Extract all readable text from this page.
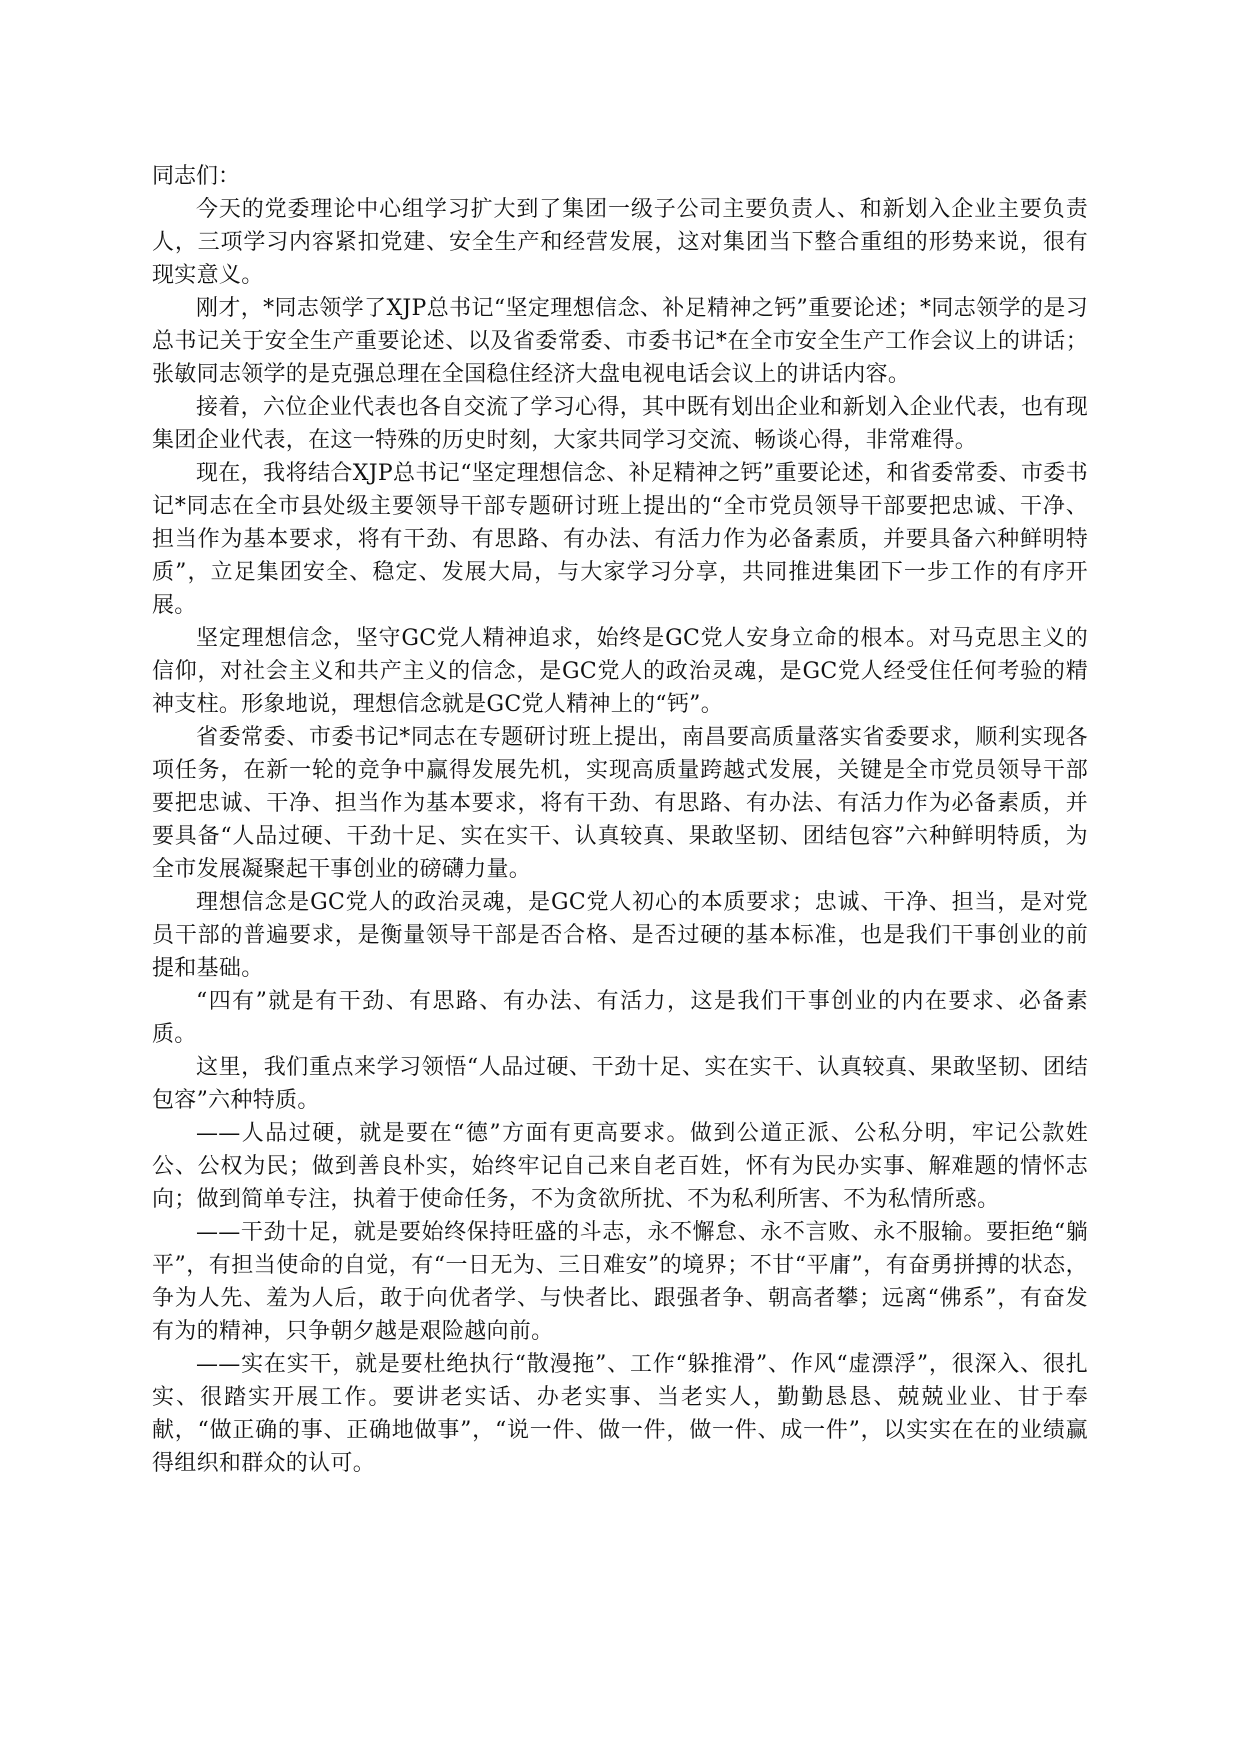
同志们：

今天的党委理论中心组学习扩大到了集团一级子公司主要负责人、和新划入企业主要负责人，三项学习内容紧扣党建、安全生产和经营发展，这对集团当下整合重组的形势来说，很有现实意义。

刚才，*同志领学了XJP总书记“坚定理想信念、补足精神之钙”重要论述；*同志领学的是习总书记关于安全生产重要论述、以及省委常委、市委书记*在全市安全生产工作会议上的讲话；张敏同志领学的是克强总理在全国稳住经济大盘电视电话会议上的讲话内容。

接着，六位企业代表也各自交流了学习心得，其中既有划出企业和新划入企业代表，也有现集团企业代表，在这一特殊的历史时刻，大家共同学习交流、畅谈心得，非常难得。

现在，我将结合XJP总书记“坚定理想信念、补足精神之钙”重要论述，和省委常委、市委书记*同志在全市县处级主要领导干部专题研讨班上提出的“全市党员领导干部要把忠诚、干净、担当作为基本要求，将有干劲、有思路、有办法、有活力作为必备素质，并要具备六种鲜明特质”，立足集团安全、稳定、发展大局，与大家学习分享，共同推进集团下一步工作的有序开展。

坚定理想信念，坚守GC党人精神追求，始终是GC党人安身立命的根本。对马克思主义的信仰，对社会主义和共产主义的信念，是GC党人的政治灵魂，是GC党人经受住任何考验的精神支柱。形象地说，理想信念就是GC党人精神上的“钙”。

省委常委、市委书记*同志在专题研讨班上提出，南昌要高质量落实省委要求，顺利实现各项任务，在新一轮的竞争中赢得发展先机，实现高质量跨越式发展，关键是全市党员领导干部要把忠诚、干净、担当作为基本要求，将有干劲、有思路、有办法、有活力作为必备素质，并要具备“人品过硬、干劲十足、实在实干、认真较真、果敢坚韧、团结包容”六种鲜明特质，为全市发展凝聚起干事创业的磅礴力量。

理想信念是GC党人的政治灵魂，是GC党人初心的本质要求；忠诚、干净、担当，是对党员干部的普遍要求，是衡量领导干部是否合格、是否过硬的基本标准，也是我们干事创业的前提和基础。

“四有”就是有干劲、有思路、有办法、有活力，这是我们干事创业的内在要求、必备素质。

这里，我们重点来学习领悟“人品过硬、干劲十足、实在实干、认真较真、果敢坚韧、团结包容”六种特质。

——人品过硬，就是要在“德”方面有更高要求。做到公道正派、公私分明，牢记公款姓公、公权为民；做到善良朴实，始终牢记自己来自老百姓，怀有为民办实事、解难题的情怀志向；做到简单专注，执着于使命任务，不为贪欲所扰、不为私利所害、不为私情所惑。

——干劲十足，就是要始终保持旺盛的斗志，永不懈怠、永不言败、永不服输。要拒绝“躺平”，有担当使命的自觉，有“一日无为、三日难安”的境界；不甘“平庸”，有奋勇拼搏的状态，争为人先、羞为人后，敢于向优者学、与快者比、跟强者争、朝高者攀；远离“佛系”，有奋发有为的精神，只争朝夕越是艰险越向前。

——实在实干，就是要杜绝执行“散漫拖”、工作“躲推滑”、作风“虚漂浮”，很深入、很扎实、很踏实开展工作。要讲老实话、办老实事、当老实人，勤勤恳恳、兢兢业业、甘于奉献，“做正确的事、正确地做事”，“说一件、做一件，做一件、成一件”，以实实在在的业绩赢得组织和群众的认可。
